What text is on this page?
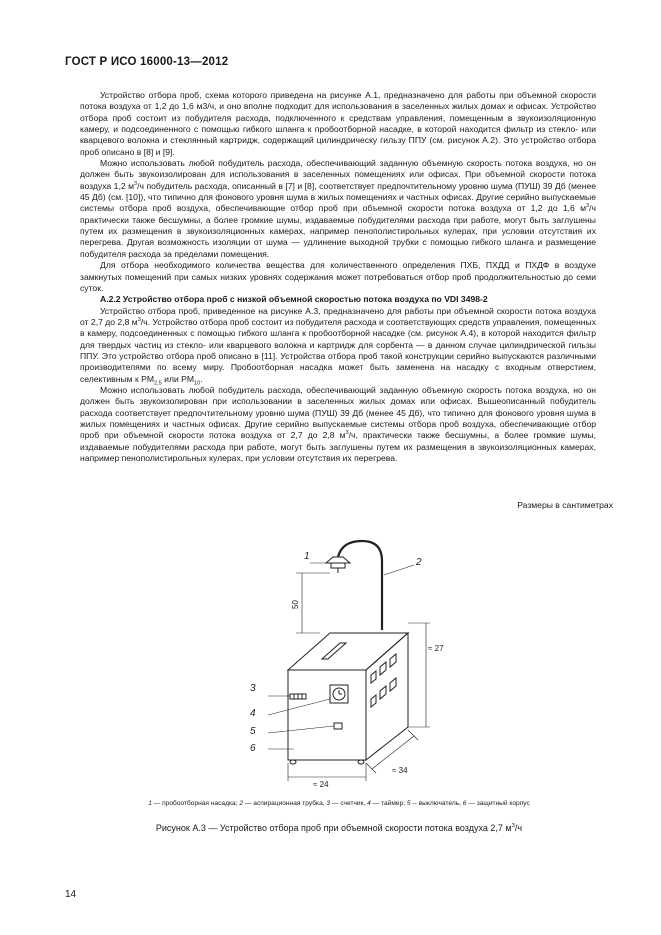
ГОСТ Р ИСО 16000-13—2012

Устройство отбора проб, схема которого приведена на рисунке А.1, предназначено для работы при объемной скорости потока воздуха от 1,2 до 1,6 м3/ч, и оно вполне подходит для использования в заселенных жилых домах и офисах. Устройство отбора проб состоит из побудителя расхода, подключенного к средствам управления, помещенным в звукоизоляционную камеру, и подсоединенного с помощью гибкого шланга к пробоотборной насадке, в которой находится фильтр из стекло- или кварцевого волокна и стеклянный картридж, содержащий цилиндрическу гильзу ППУ (см. рисунок А.2). Это устройство отбора проб описано в [8] и [9].

Можно использовать любой побудитель расхода, обеспечивающий заданную объемную скорость потока воздуха, но он должен быть звукоизолирован для использования в заселенных помещениях или офисах. При объемной скорости потока воздуха 1,2 $м^3/ч$ побудитель расхода, описанный в [7] и [8], соответствует предпочтительному уровню шума (ПУШ) 39 Дб (менее 45 Дб) (см. [10]), что типично для фонового уровня шума в жилых помещениях и частных офисах. Другие серийно выпускаемые системы отбора проб воздуха, обеспечивающие отбор проб при объемной скорости потока воздуха от 1,2 до 1,6 $м^3/ч$ практически также бесшумны, а более громкие шумы, издаваемые побудителями расхода при работе, могут быть заглушены путем их размещения в звукоизоляционных камерах, например пенополистирольных кулерах, при условии отсутствия их перегрева. Другая возможность изоляции от шума — удлинение выходной трубки с помощью гибкого шланга и размещение побудителя расхода за пределами помещения.

Для отбора необходимого количества вещества для количественного определения ПХБ, ПХДД и ПХДФ в воздухе замкнутых помещений при самых низких уровнях содержания может потребоваться отбор проб продолжительностью до семи суток.

А.2.2 Устройство отбора проб с низкой объемной скоростью потока воздуха по VDI 3498-2

Устройство отбора проб, приведенное на рисунке А.3, предназначено для работы при объемной скорости потока воздуха от 2,7 до 2,8 $м^3/ч$. Устройство отбора проб состоит из побудителя расхода и соответствующих средств управления, помещенных в камеру, подсоединенных с помощью гибкого шланга к пробоотборной насадке (см. рисунок А.4), в которой находится фильтр для твердых частиц из стекло- или кварцевого волокна и картридж для сорбента — в данном случае цилиндрической гильзы ППУ. Это устройство отбора проб описано в [11]. Устройства отбора проб такой конструкции серийно выпускаются различными производителями по всему миру. Пробоотборная насадка может быть заменена на насадку с входным отверстием, селективным к $PM_{2,5}$ или $PM_{10}$.

Можно использовать любой побудитель расхода, обеспечивающий заданную объемную скорость потока воздуха, но он должен быть звукоизолирован при использовании в заселенных жилых домах или офисах. Вышеописанный побудитель расхода соответствует предпочтительному уровню шума (ПУШ) 39 Дб (менее 45 Дб), что типично для фонового уровня шума в жилых помещениях и частных офисах. Другие серийно выпускаемые системы отбора проб воздуха, обеспечивающие отбор проб при объемной скорости потока воздуха от 2,7 до 2,8 $м^3/ч$, практически также бесшумны, а более громкие шумы, издаваемые побудителями расхода при работе, могут быть заглушены путем их размещения в звукоизоляционных камерах, например пенополистирольных кулерах, при условии отсутствия их перегрева.

Размеры в сантиметрах
1
2
3
4
5
6
50
≈ 27
≈ 24
≈ 34
1 — пробоотборная насадка; 2 — аспирационная трубка, 3 — счетчик, 4 — таймер; 5 -- выключатель, 6 — защитный корпус
Рисунок А.3 — Устройство отбора проб при объемной скорости потока воздуха 2,7 $м^3/ч$
14
